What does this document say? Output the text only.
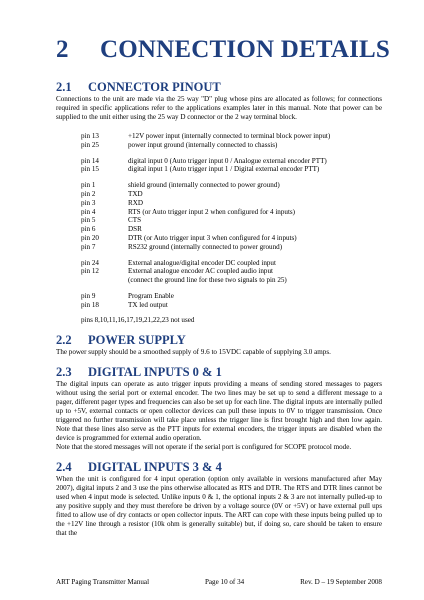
2 CONNECTION DETAILS
2.1 CONNECTOR PINOUT

Connections to the unit are made via the 25 way "D" plug whose pins are allocated as follows; for connections required in specific applications refer to the applications examples later in this manual. Note that power can be supplied to the unit either using the 25 way D connector or the 2 way terminal block.

pin 13	+12V power input (internally connected to terminal block power input)
pin 25	power input ground (internally connected to chassis)
pin 14	digital input 0 (Auto trigger input 0 / Analogue external encoder PTT)
pin 15	digital input 1 (Auto trigger input 1 / Digital external encoder PTT)
pin 1	shield ground (internally connected to power ground)
pin 2	TXD
pin 3	RXD
pin 4	RTS (or Auto trigger input 2 when configured for 4 inputs)
pin 5	CTS
pin 6	DSR
pin 20	DTR (or Auto trigger input 3 when configured for 4 inputs)
pin 7	RS232 ground (internally connected to power ground)
pin 24	External analogue/digital encoder DC coupled input
pin 12	External analogue encoder AC coupled audio input
(connect the ground line for these two signals to pin 25)
pin 9	Program Enable
pin 18	TX led output
pins 8,10,11,16,17,19,21,22,23 not used
2.2 POWER SUPPLY

The power supply should be a smoothed supply of 9.6 to 15VDC capable of supplying 3.0 amps.

2.3 DIGITAL INPUTS 0 & 1

The digital inputs can operate as auto trigger inputs providing a means of sending stored messages to pagers without using the serial port or external encoder. The two lines may be set up to send a different message to a pager, different pager types and frequencies can also be set up for each line. The digital inputs are internally pulled up to +5V, external contacts or open collector devices can pull these inputs to 0V to trigger transmission. Once triggered no further transmission will take place unless the trigger line is first brought high and then low again. Note that these lines also serve as the PTT inputs for external encoders, the trigger inputs are disabled when the device is programmed for external audio operation.

Note that the stored messages will not operate if the serial port is configured for SCOPE protocol mode.

2.4 DIGITAL INPUTS 3 & 4

When the unit is configured for 4 input operation (option only available in versions manufactured after May 2007), digital inputs 2 and 3 use the pins otherwise allocated as RTS and DTR. The RTS and DTR lines cannot be used when 4 input mode is selected. Unlike inputs 0 & 1, the optional inputs 2 & 3 are not internally pulled-up to any positive supply and they must therefore be driven by a voltage source (0V or +5V) or have external pull ups fitted to allow use of dry contacts or open collector inputs. The ART can cope with these inputs being pulled up to the +12V line through a resistor (10k ohm is generally suitable) but, if doing so, care should be taken to ensure that the

ART Paging Transmitter Manual	Page 10 of 34	Rev. D – 19 September 2008
